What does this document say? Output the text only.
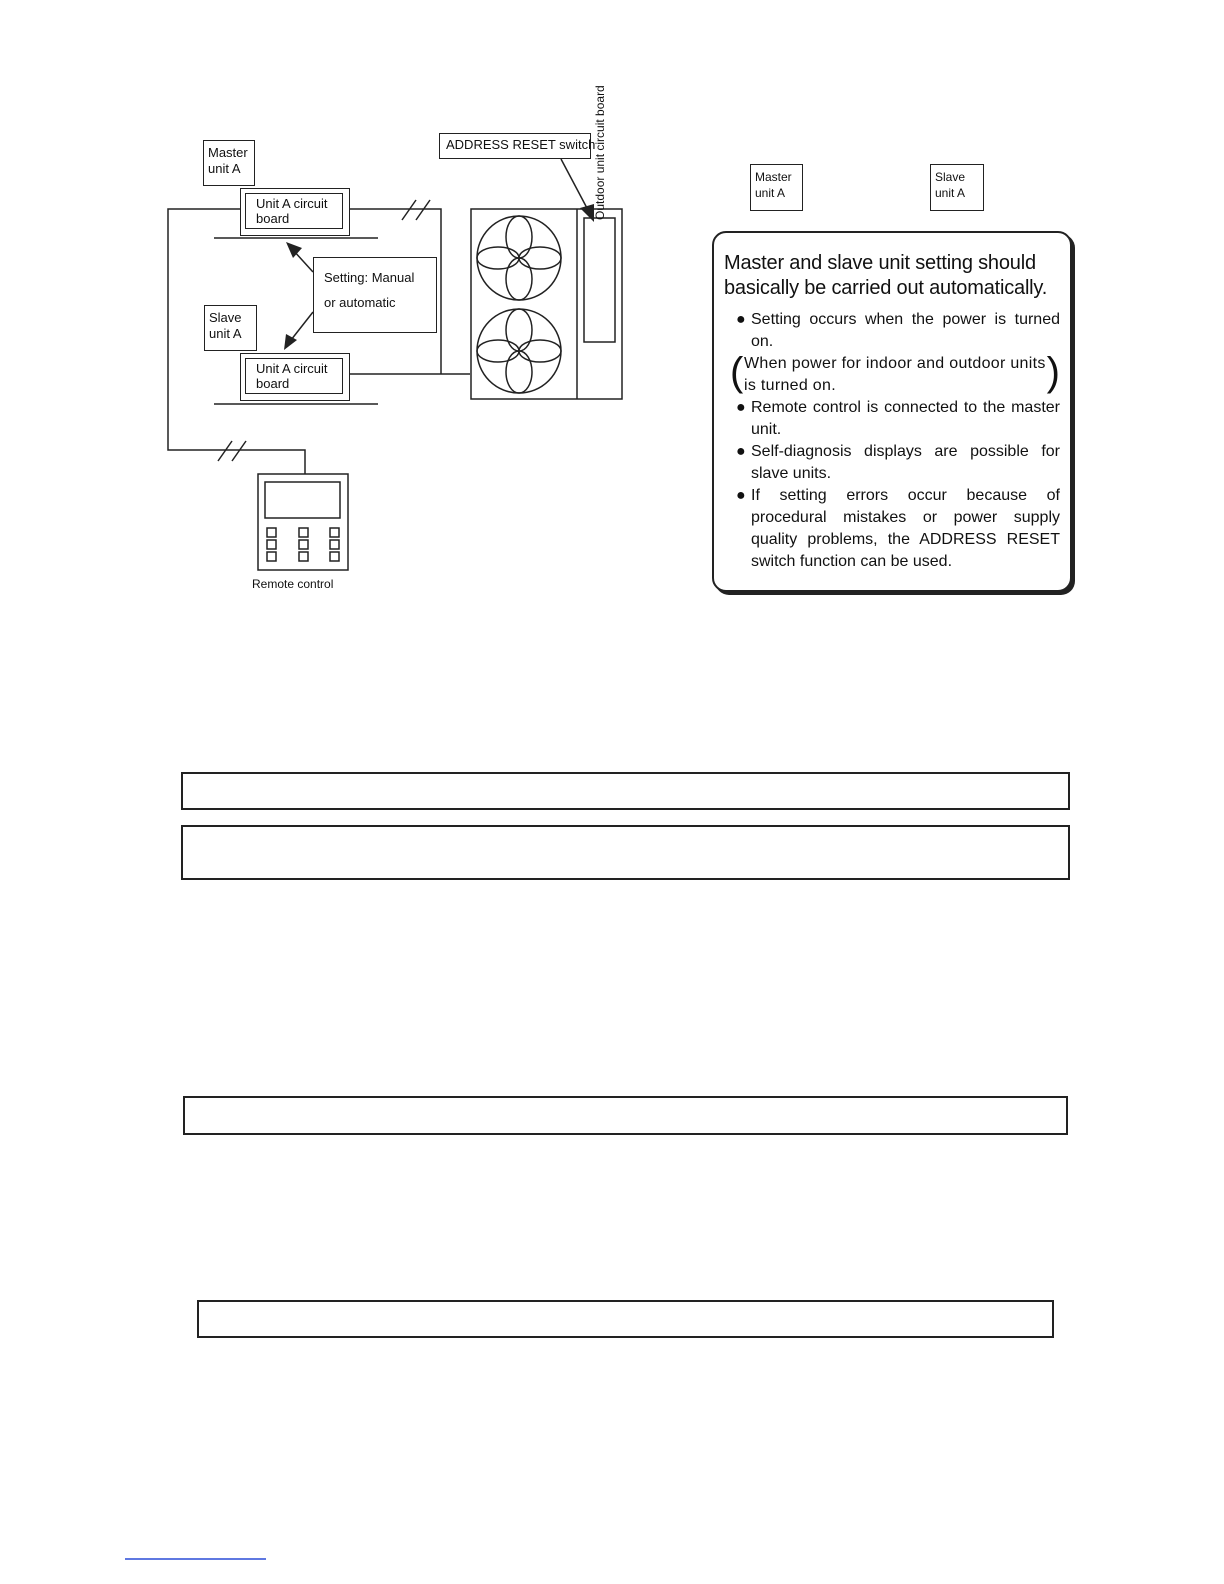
Master
unit A
Unit A circuit
board
ADDRESS RESET switch
Setting: Manual
or automatic
Slave
unit A
Unit A circuit
board
Outdoor unit circuit board
Remote control
Master
unit A
Slave
unit A
Master and slave unit setting should basically be carried out automatically.
● Setting occurs when the power is turned on.
( When power for indoor and outdoor units is turned on.	)
● Remote control is connected to the master unit.
● Self-diagnosis displays are possible for slave units.
● If setting errors occur because of procedural mistakes or power supply quality problems, the ADDRESS RESET switch function can be used.
